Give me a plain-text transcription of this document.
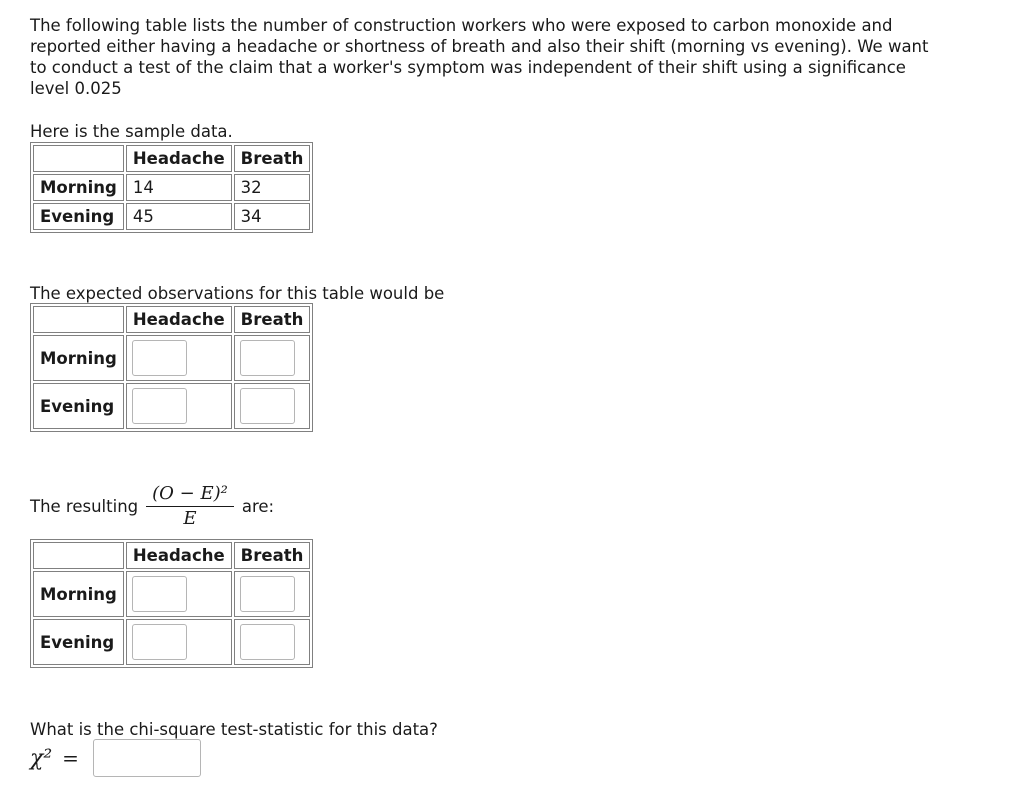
The following table lists the number of construction workers who were exposed to carbon monoxide and reported either having a headache or shortness of breath and also their shift (morning vs evening). We want to conduct a test of the claim that a worker's symptom was independent of their shift using a significance level 0.025
Here is the sample data.
	Headache	Breath
Morning	14	32
Evening	45	34
The expected observations for this table would be
	Headache	Breath
Morning		
Evening		
The resulting $\frac{\text{(O − E)²}}{E}$ are:
	Headache	Breath
Morning		
Evening		
What is the chi-square test-statistic for this data?
χ² =
